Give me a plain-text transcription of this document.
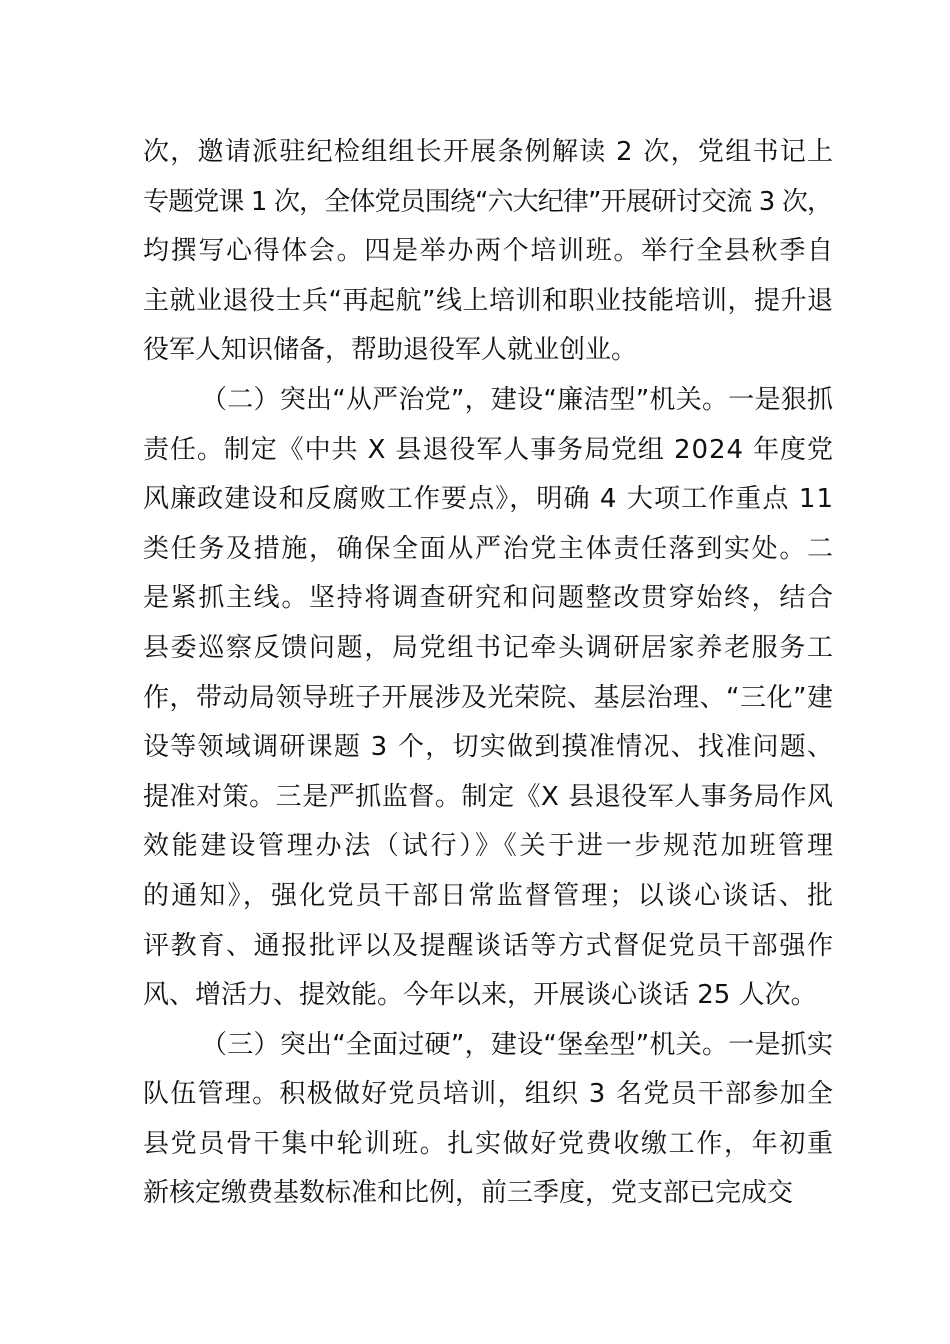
次，邀请派驻纪检组组长开展条例解读 2 次，党组书记上
专题党课 1 次，全体党员围绕“六大纪律”开展研讨交流 3 次，
均撰写心得体会。四是举办两个培训班。举行全县秋季自
主就业退役士兵“再起航”线上培训和职业技能培训，提升退
役军人知识储备，帮助退役军人就业创业。
（二）突出“从严治党”，建设“廉洁型”机关。一是狠抓
责任。制定《中共 X 县退役军人事务局党组 2024 年度党
风廉政建设和反腐败工作要点》，明确 4 大项工作重点 11
类任务及措施，确保全面从严治党主体责任落到实处。二
是紧抓主线。坚持将调查研究和问题整改贯穿始终，结合
县委巡察反馈问题，局党组书记牵头调研居家养老服务工
作，带动局领导班子开展涉及光荣院、基层治理、“三化”建
设等领域调研课题 3 个，切实做到摸准情况、找准问题、
提准对策。三是严抓监督。制定《X 县退役军人事务局作风
效能建设管理办法（试行）》《关于进一步规范加班管理
的通知》，强化党员干部日常监督管理；以谈心谈话、批
评教育、通报批评以及提醒谈话等方式督促党员干部强作
风、增活力、提效能。今年以来，开展谈心谈话 25 人次。
（三）突出“全面过硬”，建设“堡垒型”机关。一是抓实
队伍管理。积极做好党员培训，组织 3 名党员干部参加全
县党员骨干集中轮训班。扎实做好党费收缴工作，年初重
新核定缴费基数标准和比例，前三季度，党支部已完成交
